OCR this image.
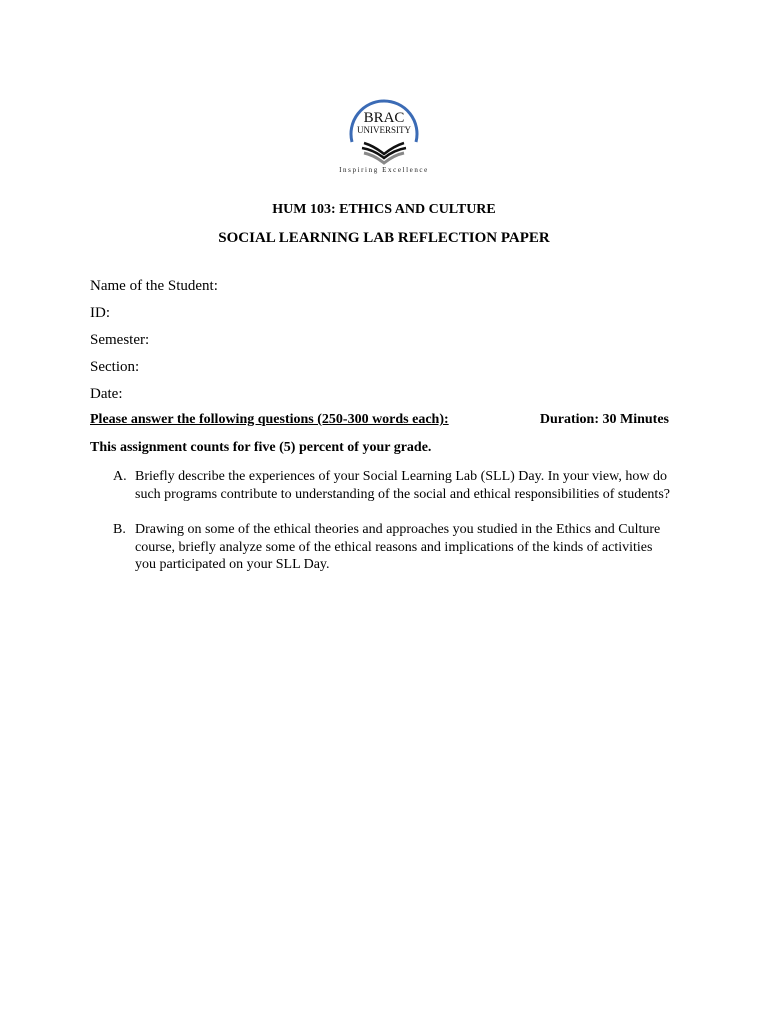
BRAC
UNIVERSITY
Inspiring Excellence
HUM 103: ETHICS AND CULTURE
SOCIAL LEARNING LAB REFLECTION PAPER
Name of the Student:
ID:
Semester:
Section:
Date:
Please answer the following questions (250-300 words each):	Duration: 30 Minutes
This assignment counts for five (5) percent of your grade.
A. Briefly describe the experiences of your Social Learning Lab (SLL) Day. In your view, how do such programs contribute to understanding of the social and ethical responsibilities of students?
B. Drawing on some of the ethical theories and approaches you studied in the Ethics and Culture course, briefly analyze some of the ethical reasons and implications of the kinds of activities you participated on your SLL Day.
